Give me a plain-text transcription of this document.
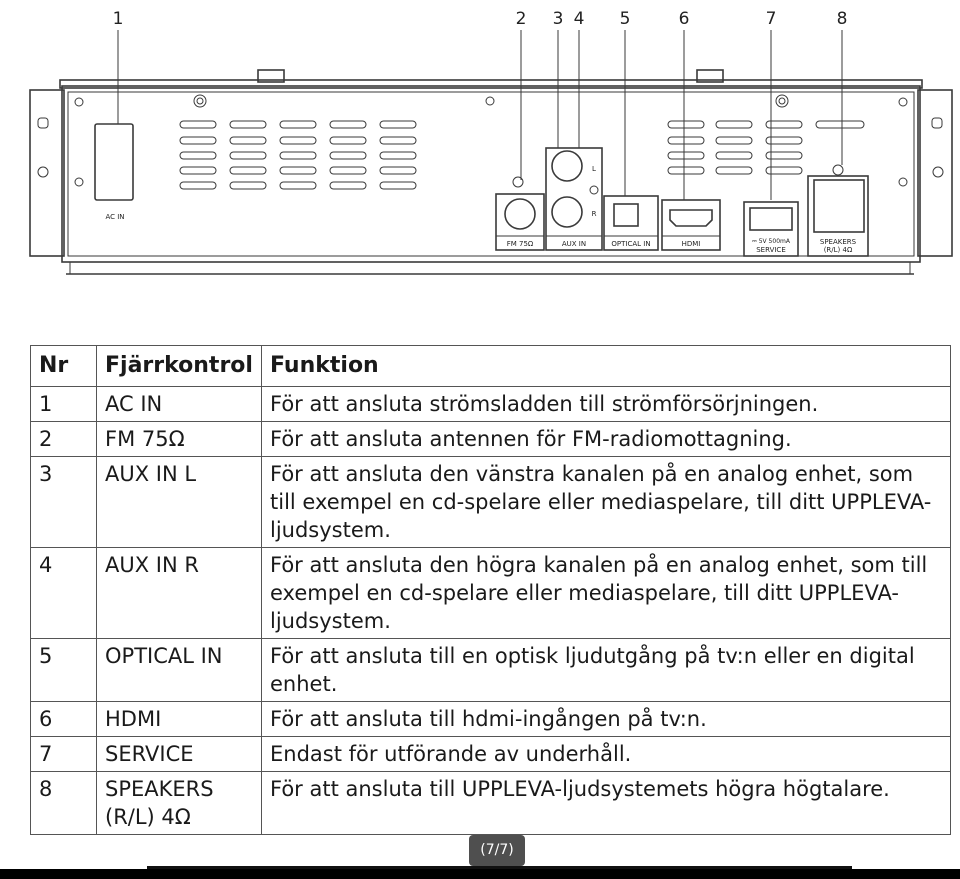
1	2 3 4 5	6	7	8
AC IN
FM 75Ω
L
R
AUX IN	OPTICAL IN	HDMI	⎓ 5V 500mA
SERVICE
SPEAKERS
(R/L) 4Ω
Nr	Fjärrkontrol	Funktion
1	AC IN	För att ansluta strömsladden till strömförsörjningen.
2	FM 75Ω	För att ansluta antennen för FM-radiomottagning.
3	AUX IN L	För att ansluta den vänstra kanalen på en analog enhet, som till exempel en cd-spelare eller mediaspelare, till ditt UPPLEVA-ljudsystem.
4	AUX IN R	För att ansluta den högra kanalen på en analog enhet, som till exempel en cd-spelare eller mediaspelare, till ditt UPPLEVA-ljudsystem.
5	OPTICAL IN	För att ansluta till en optisk ljudutgång på tv:n eller en digital enhet.
6	HDMI	För att ansluta till hdmi-ingången på tv:n.
7	SERVICE	Endast för utförande av underhåll.
8	SPEAKERS (R/L) 4Ω	För att ansluta till UPPLEVA-ljudsystemets högra högtalare.
(7/7)
